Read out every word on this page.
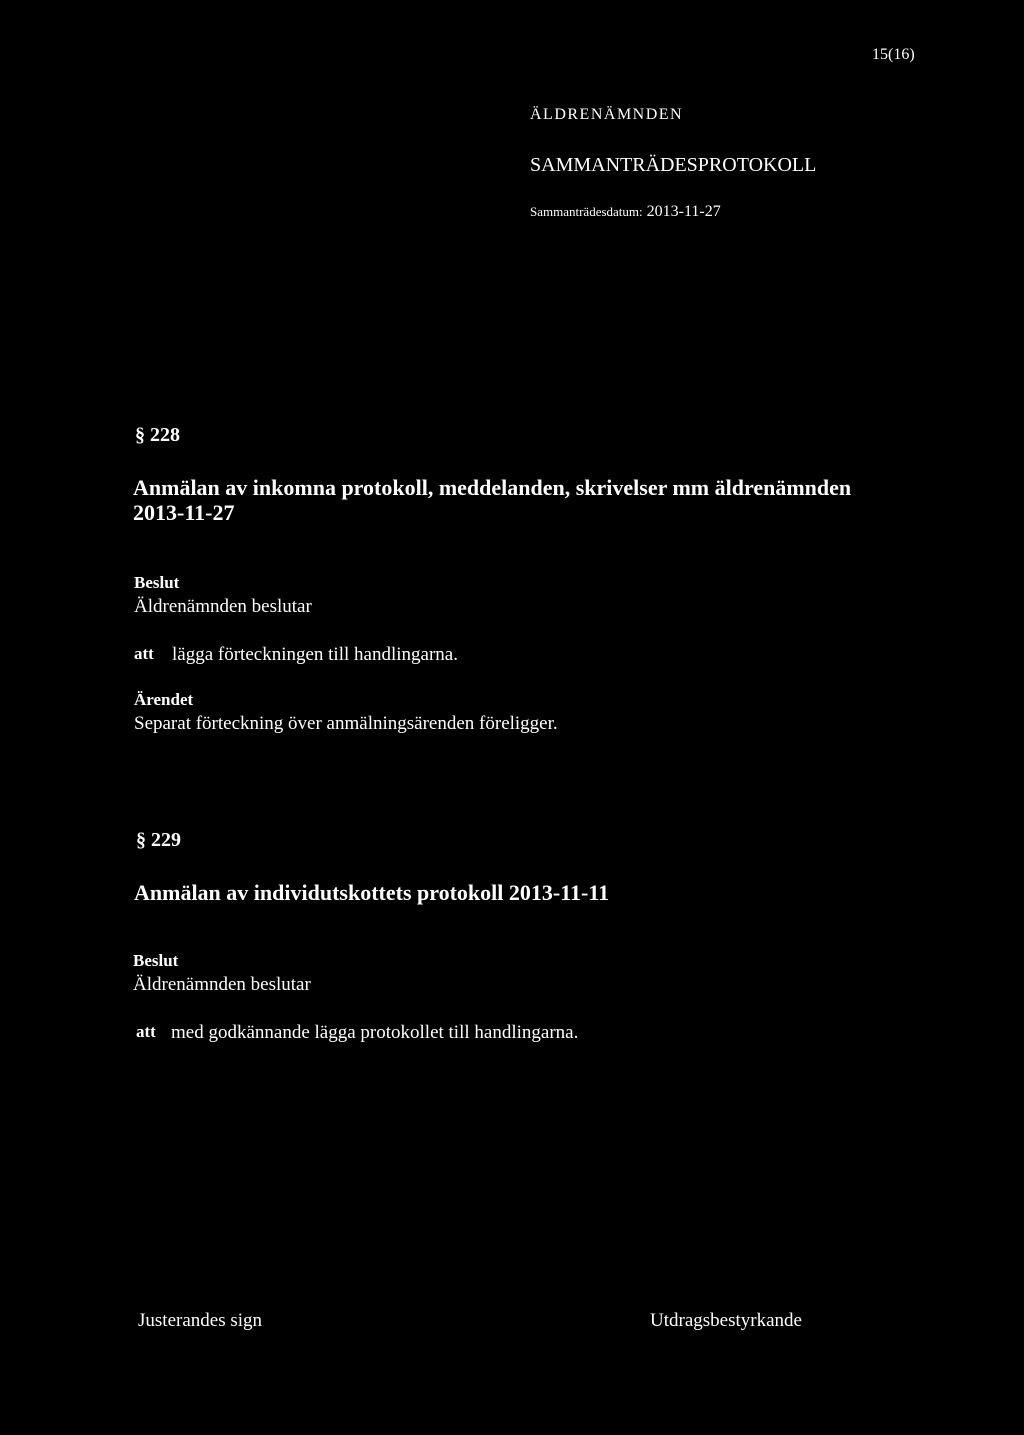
15(16)
ÄLDRENÄMNDEN
SAMMANTRÄDESPROTOKOLL
Sammanträdesdatum: 2013-11-27
§ 228
Anmälan av inkomna protokoll, meddelanden, skrivelser mm äldrenämnden
2013-11-27
Beslut
Äldrenämnden beslutar
att lägga förteckningen till handlingarna.
Ärendet
Separat förteckning över anmälningsärenden föreligger.
§ 229
Anmälan av individutskottets protokoll 2013-11-11
Beslut
Äldrenämnden beslutar
att med godkännande lägga protokollet till handlingarna.
Justerandes sign	Utdragsbestyrkande
